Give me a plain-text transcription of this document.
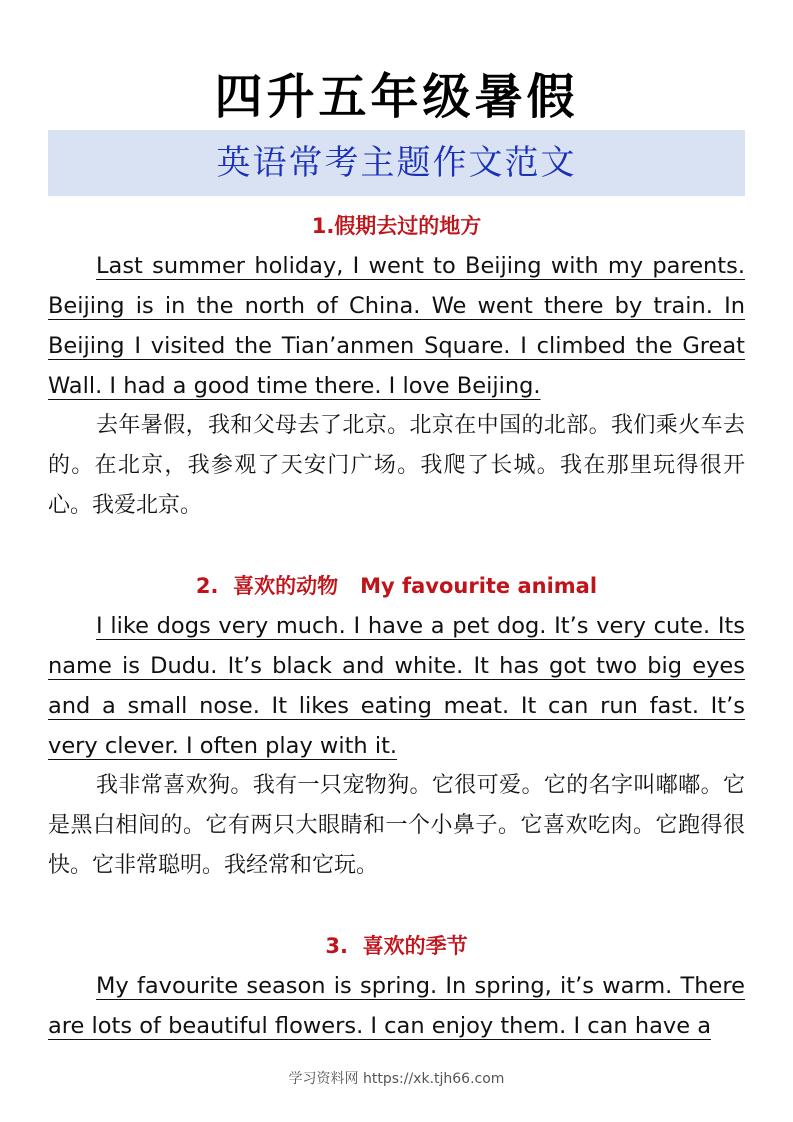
四升五年级暑假
英语常考主题作文范文
1.假期去过的地方

Last summer holiday, I went to Beijing with my parents. Beijing is in the north of China. We went there by train. In Beijing I visited the Tian’anmen Square. I climbed the Great Wall. I had a good time there. I love Beijing.

去年暑假，我和父母去了北京。北京在中国的北部。我们乘火车去的。在北京，我参观了天安门广场。我爬了长城。我在那里玩得很开心。我爱北京。

2.  喜欢的动物   My favourite animal

I like dogs very much. I have a pet dog. It’s very cute. Its name is Dudu. It’s black and white. It has got two big eyes and a small nose. It likes eating meat. It can run fast. It’s very clever. I often play with it.

我非常喜欢狗。我有一只宠物狗。它很可爱。它的名字叫嘟嘟。它是黑白相间的。它有两只大眼睛和一个小鼻子。它喜欢吃肉。它跑得很快。它非常聪明。我经常和它玩。

3.  喜欢的季节

My favourite season is spring. In spring, it’s warm. There are lots of beautiful flowers. I can enjoy them. I can have a

学习资料网 https://xk.tjh66.com
